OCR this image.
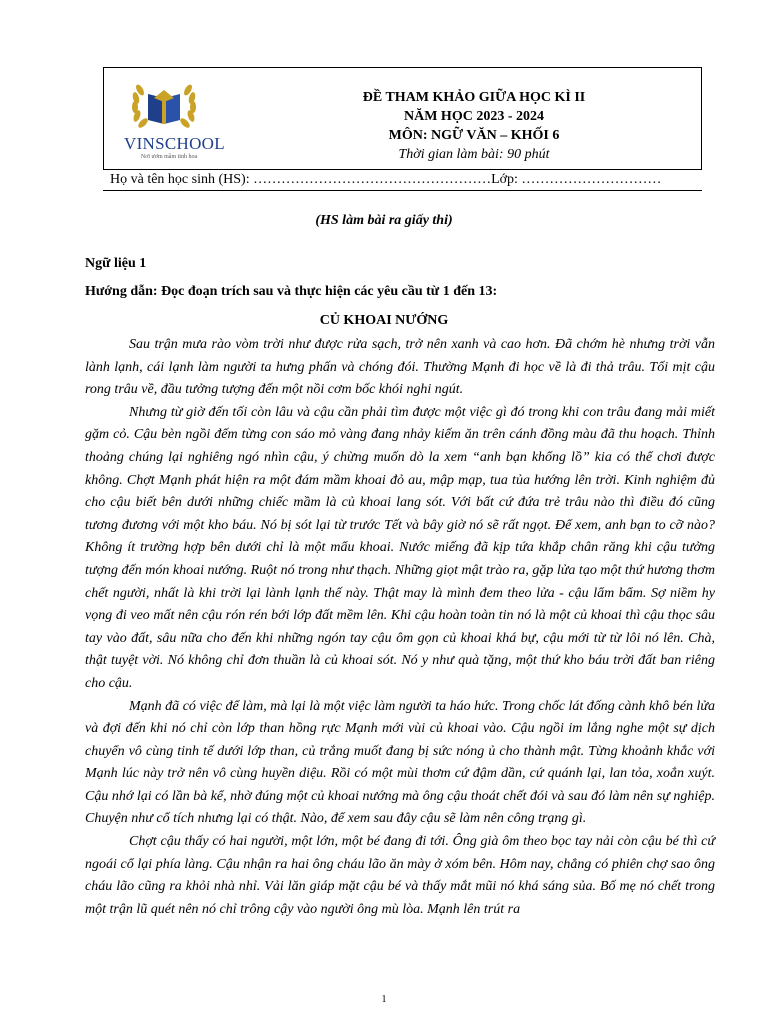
VINSCHOOL
Nơi ươm mầm tinh hoa
ĐỀ THAM KHẢO GIỮA HỌC KÌ II
NĂM HỌC 2023 - 2024
MÔN: NGỮ VĂN – KHỐI 6
Thời gian làm bài: 90 phút
Họ và tên học sinh (HS): ……………………………………………Lớp: …………………………
(HS làm bài ra giấy thi)
Ngữ liệu 1
Hướng dẫn: Đọc đoạn trích sau và thực hiện các yêu cầu từ 1 đến 13:
CỦ KHOAI NƯỚNG

Sau trận mưa rào vòm trời như được rửa sạch, trở nên xanh và cao hơn. Đã chớm hè nhưng trời vẫn lành lạnh, cái lạnh làm người ta hưng phấn và chóng đói. Thường Mạnh đi học về là đi thả trâu. Tối mịt cậu rong trâu về, đầu tưởng tượng đến một nồi cơm bốc khói nghi ngút.

Nhưng từ giờ đến tối còn lâu và cậu cần phải tìm được một việc gì đó trong khi con trâu đang mải miết gặm cỏ. Cậu bèn ngồi đếm từng con sáo mỏ vàng đang nhảy kiếm ăn trên cánh đồng màu đã thu hoạch. Thỉnh thoảng chúng lại nghiêng ngó nhìn cậu, ý chừng muốn dò la xem “anh bạn khổng lồ” kia có thể chơi được không. Chợt Mạnh phát hiện ra một đám mầm khoai đỏ au, mập mạp, tua tủa hướng lên trời. Kinh nghiệm đủ cho cậu biết bên dưới những chiếc mầm là củ khoai lang sót. Với bất cứ đứa trẻ trâu nào thì điều đó cũng tương đương với một kho báu. Nó bị sót lại từ trước Tết và bây giờ nó sẽ rất ngọt. Để xem, anh bạn to cỡ nào? Không ít trường hợp bên dưới chỉ là một mẩu khoai. Nước miếng đã kịp tứa khắp chân răng khi cậu tưởng tượng đến món khoai nướng. Ruột nó trong như thạch. Những giọt mật trào ra, gặp lửa tạo một thứ hương thơm chết người, nhất là khi trời lại lành lạnh thế này. Thật may là mình đem theo lửa - cậu lẩm bẩm. Sợ niềm hy vọng đi veo mất nên cậu rón rén bới lớp đất mềm lên. Khi cậu hoàn toàn tin nó là một củ khoai thì cậu thọc sâu tay vào đất, sâu nữa cho đến khi những ngón tay cậu ôm gọn củ khoai khá bự, cậu mới từ từ lôi nó lên. Chà, thật tuyệt vời. Nó không chỉ đơn thuần là củ khoai sót. Nó y như quà tặng, một thứ kho báu trời đất ban riêng cho cậu.

Mạnh đã có việc để làm, mà lại là một việc làm người ta háo hức. Trong chốc lát đống cành khô bén lửa và đợi đến khi nó chỉ còn lớp than hồng rực Mạnh mới vùi củ khoai vào. Cậu ngồi im lắng nghe một sự dịch chuyển vô cùng tinh tế dưới lớp than, củ trắng muốt đang bị sức nóng ủ cho thành mật. Từng khoảnh khắc với Mạnh lúc này trở nên vô cùng huyền diệu. Rồi có một mùi thơm cứ đậm dần, cứ quánh lại, lan tỏa, xoắn xuýt. Cậu nhớ lại có lần bà kể, nhờ đúng một củ khoai nướng mà ông cậu thoát chết đói và sau đó làm nên sự nghiệp. Chuyện như cổ tích nhưng lại có thật. Nào, để xem sau đây cậu sẽ làm nên công trạng gì.

Chợt cậu thấy có hai người, một lớn, một bé đang đi tới. Ông già ôm theo bọc tay nải còn cậu bé thì cứ ngoái cổ lại phía làng. Cậu nhận ra hai ông cháu lão ăn mày ở xóm bên. Hôm nay, chẳng có phiên chợ sao ông cháu lão cũng ra khỏi nhà nhỉ. Vải lăn giáp mặt cậu bé và thấy mắt mũi nó khá sáng sủa. Bố mẹ nó chết trong một trận lũ quét nên nó chỉ trông cậy vào người ông mù lòa. Mạnh lên trút ra

1
